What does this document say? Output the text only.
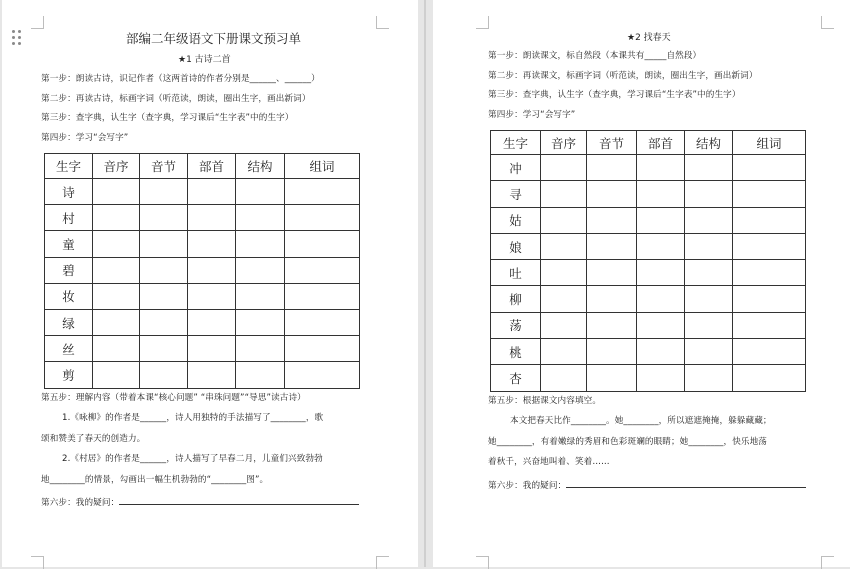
部编二年级语文下册课文预习单
★1 古诗二首
第一步：朗读古诗，识记作者（这两首诗的作者分别是______、______）
第二步：再读古诗，标画字词（听范读，朗读，圈出生字，画出新词）
第三步：查字典，认生字（查字典，学习课后“生字表”中的生字）
第四步：学习“会写字”
生字	音序	音节	部首	结构	组词
诗					
村					
童					
碧					
妆					
绿					
丝					
剪					
第五步：理解内容（带着本课“核心问题” “串珠问题”“导思”读古诗）
1.《咏柳》的作者是______，诗人用独特的手法描写了________，歌
颂和赞美了春天的创造力。
2.《村居》的作者是______，诗人描写了早春二月，儿童们兴致勃勃
地________的情景，勾画出一幅生机勃勃的“________图”。
第六步：我的疑问：
★2 找春天
第一步：朗读课文，标自然段（本课共有_____自然段）
第二步：再读课文，标画字词（听范读，朗读，圈出生字，画出新词）
第三步：查字典，认生字（查字典，学习课后“生字表”中的生字）
第四步：学习“会写字”
生字	音序	音节	部首	结构	组词
冲					
寻					
姑					
娘					
吐					
柳					
荡					
桃					
杏					
第五步：根据课文内容填空。
本文把春天比作________。她________，所以遮遮掩掩，躲躲藏藏；
她________，有着嫩绿的秀眉和色彩斑斓的眼睛；她________，快乐地荡
着秋千，兴奋地叫着、笑着……
第六步：我的疑问：
